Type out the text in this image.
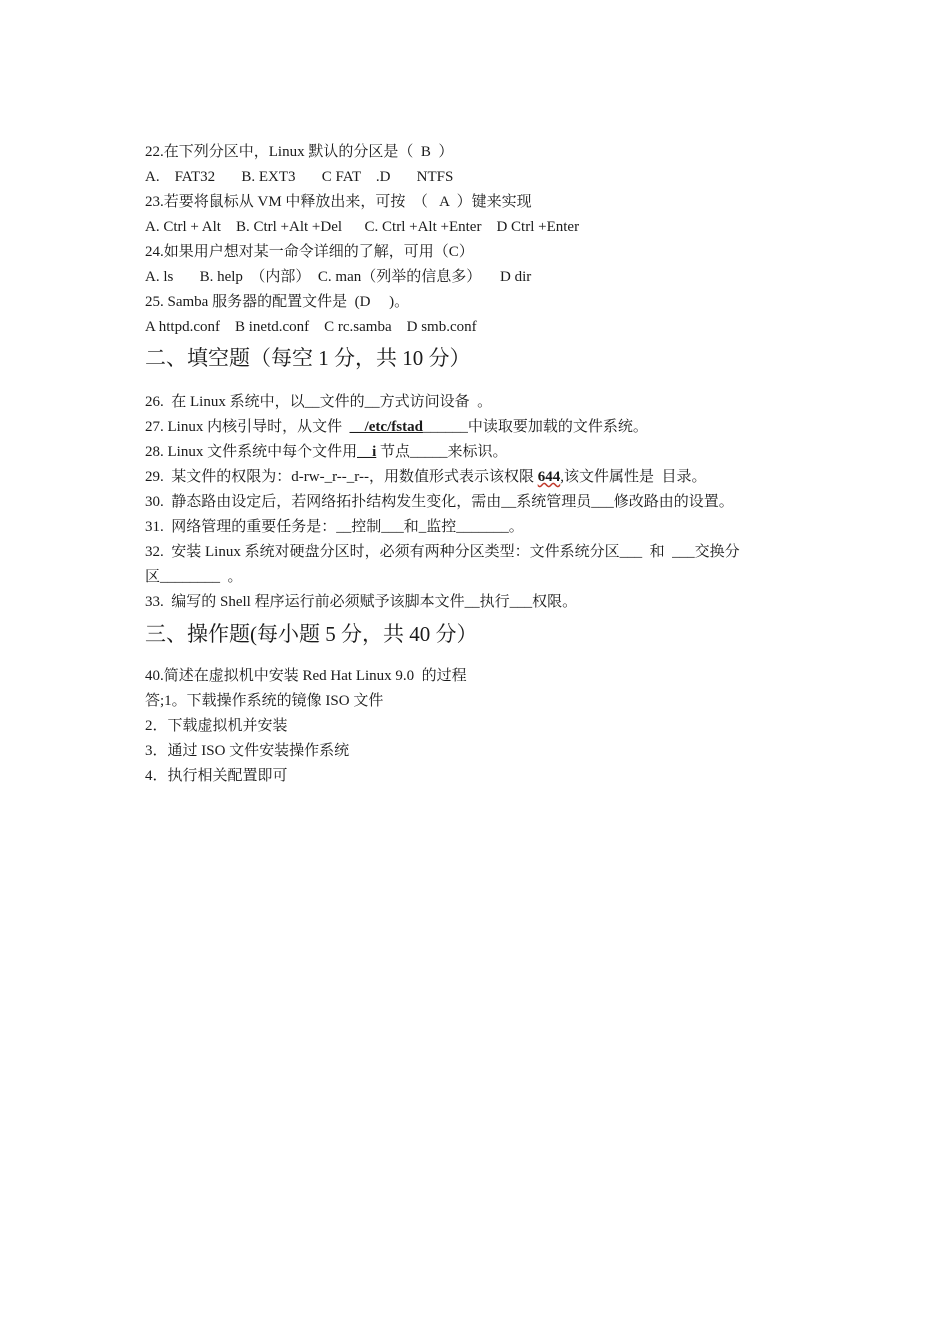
22.在下列分区中，Linux 默认的分区是（  B  ）
A.    FAT32       B. EXT3       C FAT    .D       NTFS
23.若要将鼠标从 VM 中释放出来，可按  （   A  ）键来实现
A. Ctrl + Alt    B. Ctrl +Alt +Del      C. Ctrl +Alt +Enter    D Ctrl +Enter
24.如果用户想对某一命令详细的了解，可用（C）
A. ls       B. help  （内部）  C. man（列举的信息多）     D dir
25. Samba 服务器的配置文件是  (D     )。
A httpd.conf    B inetd.conf    C rc.samba    D smb.conf
二、填空题（每空 1 分，共 10 分）
26.  在 Linux 系统中，以__文件的__方式访问设备  。
27. Linux 内核引导时，从文件  __/etc/fstad______中读取要加载的文件系统。
28. Linux 文件系统中每个文件用__i 节点_____来标识。
29.  某文件的权限为：d-rw-_r--_r--，用数值形式表示该权限 644,该文件属性是  目录。
30.  静态路由设定后，若网络拓扑结构发生变化，需由__系统管理员___修改路由的设置。
31.  网络管理的重要任务是：__控制___和_监控_______。
32.  安装 Linux 系统对硬盘分区时，必须有两种分区类型：文件系统分区___  和  ___交换分
区________  。
33.  编写的 Shell 程序运行前必须赋予该脚本文件__执行___权限。
三、操作题(每小题 5 分，共 40 分）
40.简述在虚拟机中安装 Red Hat Linux 9.0  的过程
答;1。下载操作系统的镜像 ISO 文件
2．下载虚拟机并安装
3．通过 ISO 文件安装操作系统
4．执行相关配置即可
